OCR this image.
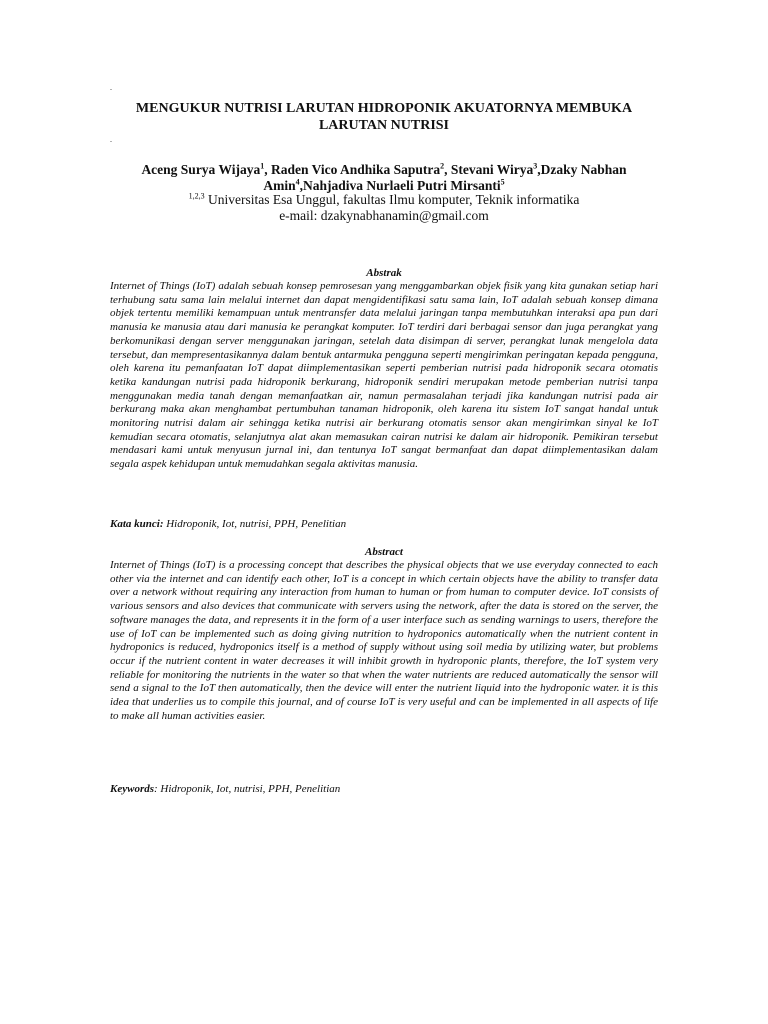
.
.
MENGUKUR NUTRISI LARUTAN HIDROPONIK AKUATORNYA MEMBUKA LARUTAN NUTRISI
Aceng Surya Wijaya$^1$, Raden Vico Andhika Saputra$^2$, Stevani Wirya$^3$,Dzaky Nabhan Amin$^4$,Nahjadiva Nurlaeli Putri Mirsanti$^5$
$^{1,2,3}$ Universitas Esa Unggul, fakultas Ilmu komputer, Teknik informatika
e-mail: dzakynabhanamin@gmail.com
Abstrak
Internet of Things (IoT) adalah sebuah konsep pemrosesan yang menggambarkan objek fisik yang kita gunakan setiap hari terhubung satu sama lain melalui internet dan dapat mengidentifikasi satu sama lain, IoT adalah sebuah konsep dimana objek tertentu memiliki kemampuan untuk mentransfer data melalui jaringan tanpa membutuhkan interaksi apa pun dari manusia ke manusia atau dari manusia ke perangkat komputer. IoT terdiri dari berbagai sensor dan juga perangkat yang berkomunikasi dengan server menggunakan jaringan, setelah data disimpan di server, perangkat lunak mengelola data tersebut, dan mempresentasikannya dalam bentuk antarmuka pengguna seperti mengirimkan peringatan kepada pengguna, oleh karena itu pemanfaatan IoT dapat diimplementasikan seperti pemberian nutrisi pada hidroponik secara otomatis ketika kandungan nutrisi pada hidroponik berkurang, hidroponik sendiri merupakan metode pemberian nutrisi tanpa menggunakan media tanah dengan memanfaatkan air, namun permasalahan terjadi jika kandungan nutrisi pada air berkurang maka akan menghambat pertumbuhan tanaman hidroponik, oleh karena itu sistem IoT sangat handal untuk monitoring nutrisi dalam air sehingga ketika nutrisi air berkurang otomatis sensor akan mengirimkan sinyal ke IoT kemudian secara otomatis, selanjutnya alat akan memasukan cairan nutrisi ke dalam air hidroponik. Pemikiran tersebut mendasari kami untuk menyusun jurnal ini, dan tentunya IoT sangat bermanfaat dan dapat diimplementasikan dalam segala aspek kehidupan untuk memudahkan segala aktivitas manusia.
Kata kunci: Hidroponik, Iot, nutrisi, PPH, Penelitian
Abstract
Internet of Things (IoT) is a processing concept that describes the physical objects that we use everyday connected to each other via the internet and can identify each other, IoT is a concept in which certain objects have the ability to transfer data over a network without requiring any interaction from human to human or from human to computer device. IoT consists of various sensors and also devices that communicate with servers using the network, after the data is stored on the server, the software manages the data, and represents it in the form of a user interface such as sending warnings to users, therefore the use of IoT can be implemented such as doing giving nutrition to hydroponics automatically when the nutrient content in hydroponics is reduced, hydroponics itself is a method of supply without using soil media by utilizing water, but problems occur if the nutrient content in water decreases it will inhibit growth in hydroponic plants, therefore, the IoT system very reliable for monitoring the nutrients in the water so that when the water nutrients are reduced automatically the sensor will send a signal to the IoT then automatically, then the device will enter the nutrient liquid into the hydroponic water. it is this idea that underlies us to compile this journal, and of course IoT is very useful and can be implemented in all aspects of life to make all human activities easier.
Keywords: Hidroponik, Iot, nutrisi, PPH, Penelitian
